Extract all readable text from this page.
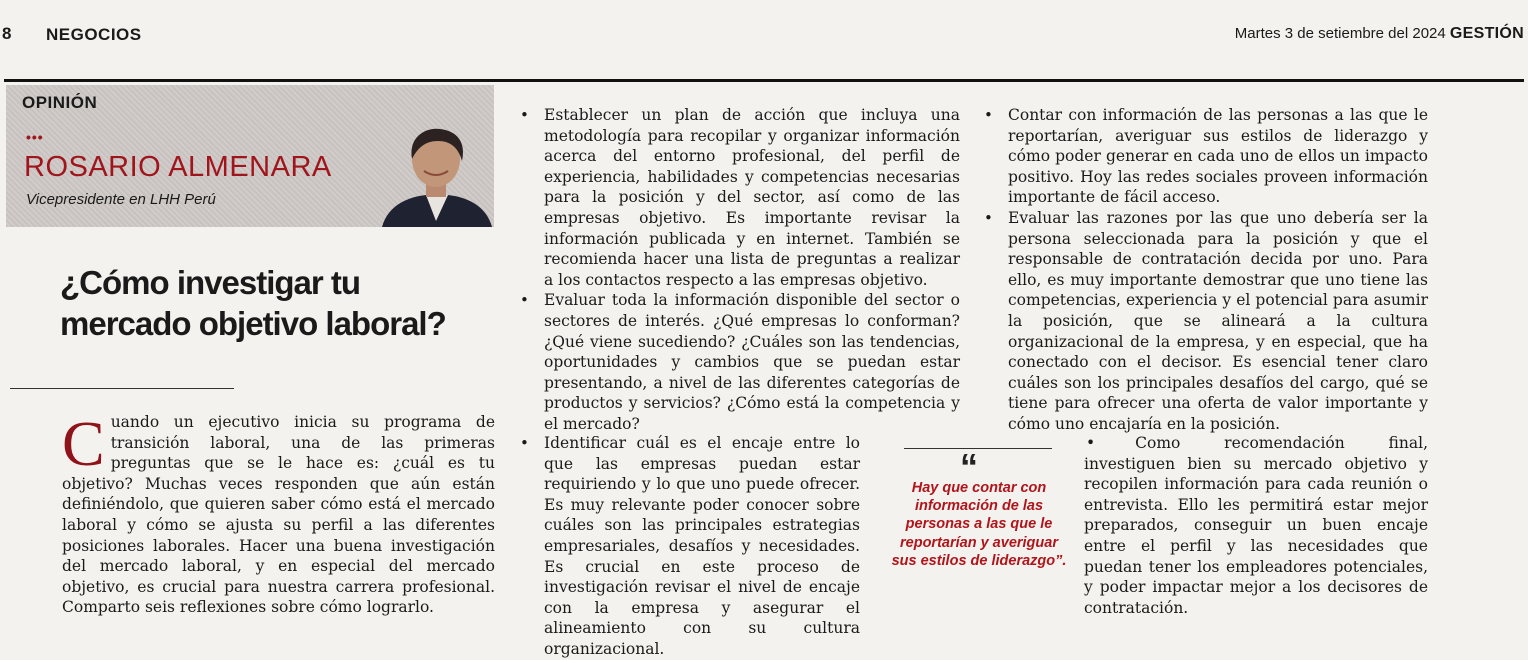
8 NEGOCIOS	Martes 3 de setiembre del 2024 GESTIÓN
OPINIÓN
•••
ROSARIO ALMENARA
Vicepresidente en LHH Perú
¿Cómo investigar tu
mercado objetivo laboral?
Cuando un ejecutivo inicia su programa de transición laboral, una de las primeras preguntas que se le hace es: ¿cuál es tu objetivo? Muchas veces responden que aún están definiéndolo, que quieren saber cómo está el mercado laboral y cómo se ajusta su perfil a las diferentes posiciones laborales. Hacer una buena investigación del mercado laboral, y en especial del mercado objetivo, es crucial para nuestra carrera profesional. Comparto seis reflexiones sobre cómo lograrlo.
• Establecer un plan de acción que incluya una metodología para recopilar y organizar información acerca del entorno profesional, del perfil de experiencia, habilidades y competencias necesarias para la posición y del sector, así como de las empresas objetivo. Es importante revisar la información publicada y en internet. También se recomienda hacer una lista de preguntas a realizar a los contactos respecto a las empresas objetivo.
• Evaluar toda la información disponible del sector o sectores de interés. ¿Qué empresas lo conforman? ¿Qué viene sucediendo? ¿Cuáles son las tendencias, oportunidades y cambios que se puedan estar presentando, a nivel de las diferentes categorías de productos y servicios? ¿Cómo está la competencia y el mercado?
• Identificar cuál es el encaje entre lo que las empresas puedan estar requiriendo y lo que uno puede ofrecer. Es muy relevante poder conocer sobre cuáles son las principales estrategias empresariales, desafíos y necesidades. Es crucial en este proceso de investigación revisar el nivel de encaje con la empresa y asegurar el alineamiento con su cultura organizacional.
“
Hay que contar con información de las personas a las que le reportarían y averiguar sus estilos de liderazgo”.
• Contar con información de las personas a las que le reportarían, averiguar sus estilos de liderazgo y cómo poder generar en cada uno de ellos un impacto positivo. Hoy las redes sociales proveen información importante de fácil acceso.
• Evaluar las razones por las que uno debería ser la persona seleccionada para la posición y que el responsable de contratación decida por uno. Para ello, es muy importante demostrar que uno tiene las competencias, experiencia y el potencial para asumir la posición, que se alineará a la cultura organizacional de la empresa, y en especial, que ha conectado con el decisor. Es esencial tener claro cuáles son los principales desafíos del cargo, qué se tiene para ofrecer una oferta de valor importante y cómo uno encajaría en la posición.
•	Como recomendación final, investiguen bien su mercado objetivo y recopilen información para cada reunión o entrevista. Ello les permitirá estar mejor preparados, conseguir un buen encaje entre el perfil y las necesidades que puedan tener los empleadores potenciales, y poder impactar mejor a los decisores de contratación.
